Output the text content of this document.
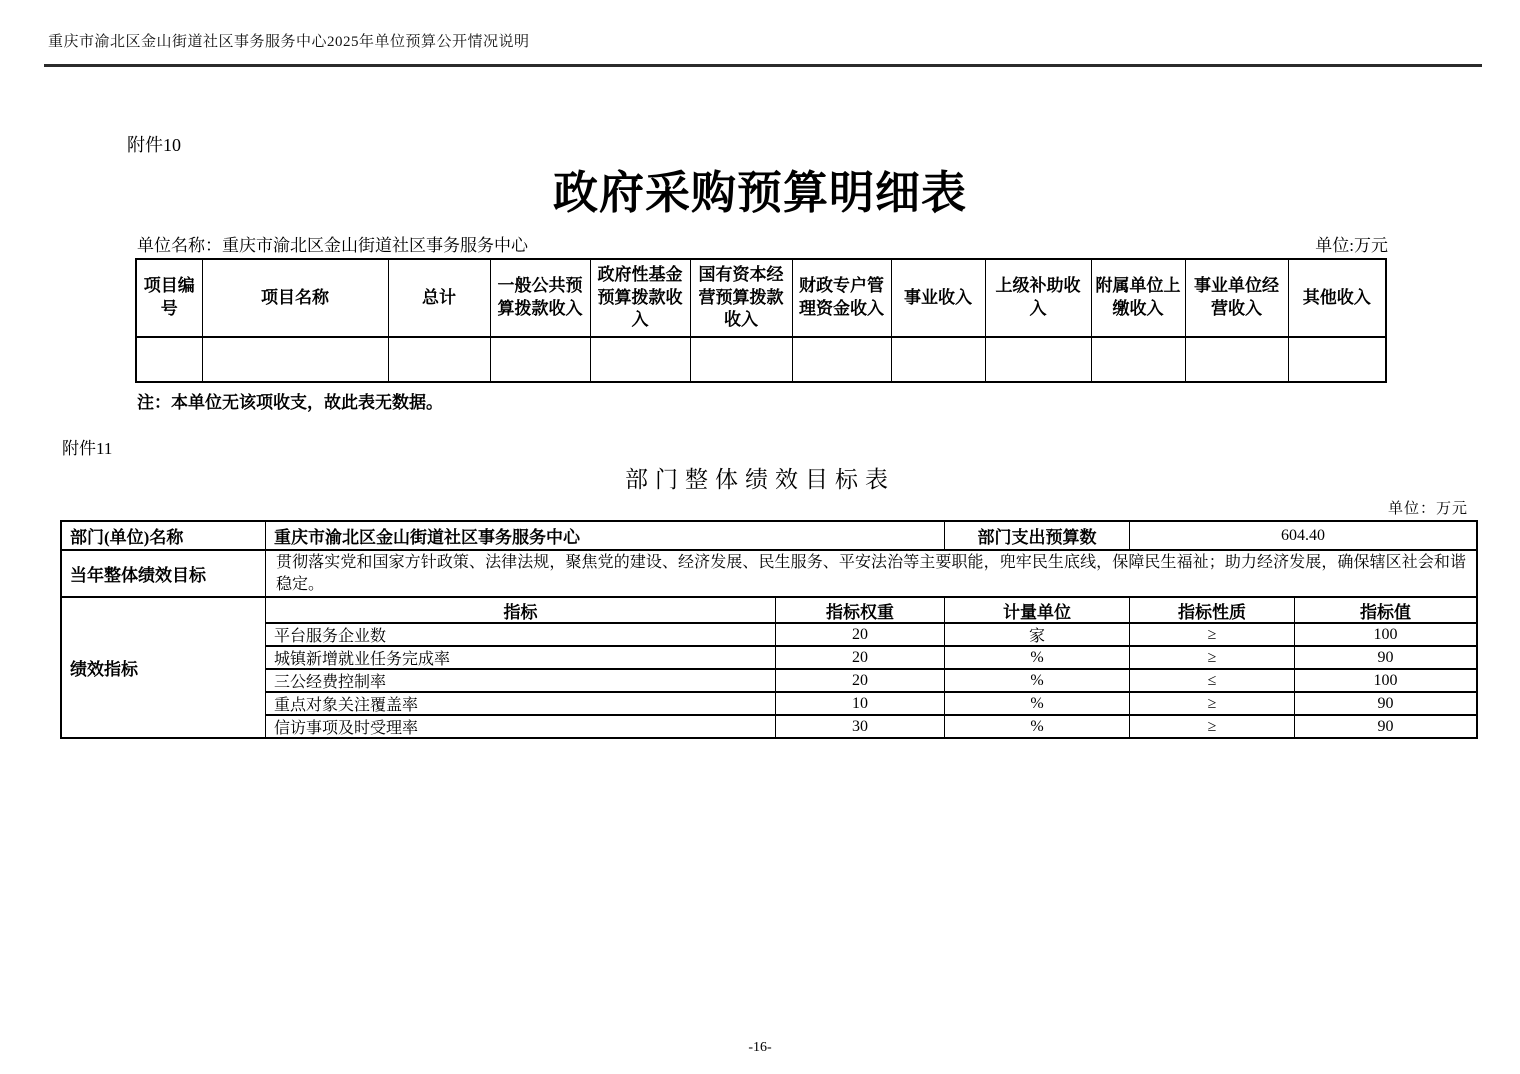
重庆市渝北区金山街道社区事务服务中心2025年单位预算公开情况说明
附件10
政府采购预算明细表
单位名称：重庆市渝北区金山街道社区事务服务中心	单位:万元
项目编号	项目名称	总计	一般公共预算拨款收入	政府性基金预算拨款收入	国有资本经营预算拨款收入	财政专户管理资金收入	事业收入	上级补助收入	附属单位上缴收入	事业单位经营收入	其他收入

注：本单位无该项收支，故此表无数据。
附件11
部门整体绩效目标表
单位：万元
部门(单位)名称	重庆市渝北区金山街道社区事务服务中心	部门支出预算数	604.40
当年整体绩效目标
贯彻落实党和国家方针政策、法律法规，聚焦党的建设、经济发展、民生服务、平安法治等主要职能，兜牢民生底线，保障民生福祉；助力经济发展，确保辖区社会和谐稳定。
绩效指标
指标	指标权重	计量单位	指标性质	指标值
平台服务企业数	20	家	≥	100
城镇新增就业任务完成率	20	%	≥	90
三公经费控制率	20	%	≤	100
重点对象关注覆盖率	10	%	≥	90
信访事项及时受理率	30	%	≥	90
-16-
